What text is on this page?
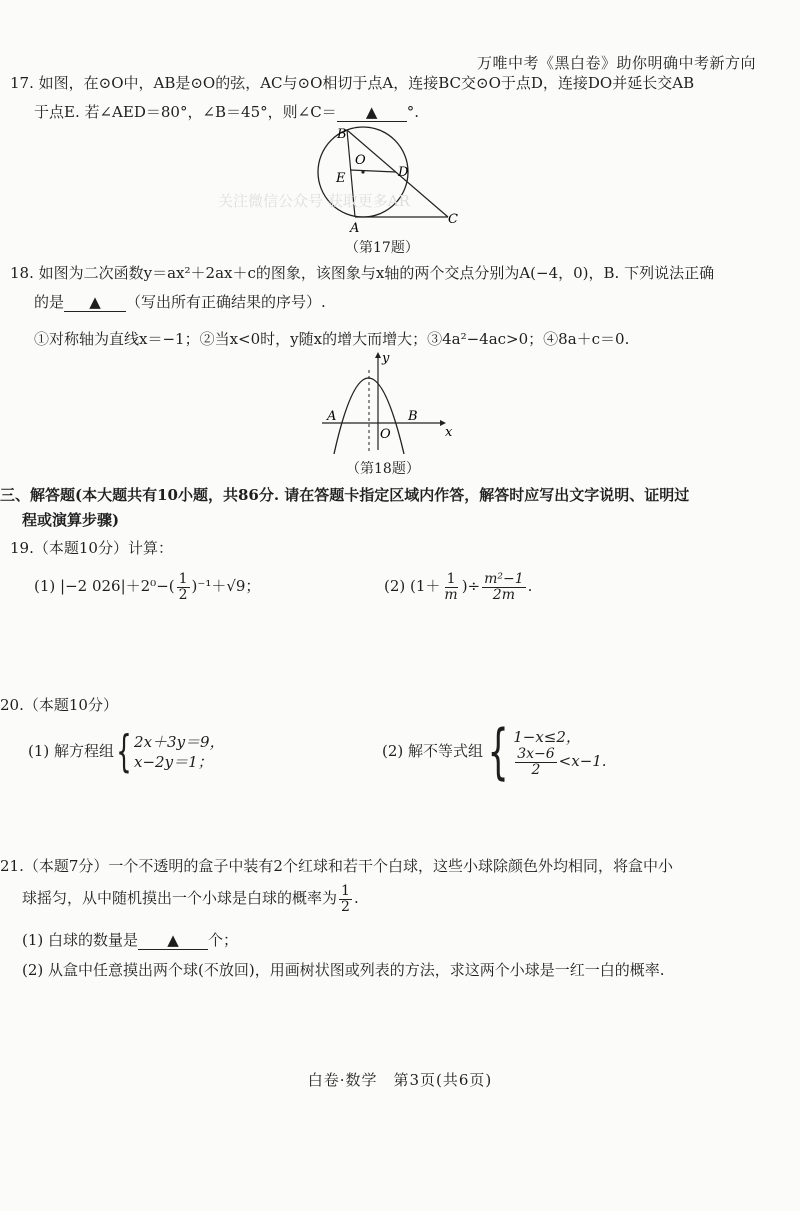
万唯中考《黑白卷》助你明确中考新方向
17. 如图，在⊙O中，AB是⊙O的弦，AC与⊙O相切于点A，连接BC交⊙O于点D，连接DO并延长交AB
于点E. 若∠AED＝80°，∠B＝45°，则∠C＝ ▲ °.
B
O
E	D
A
C
关注微信公众号 获取更多AR
（第17题）
18. 如图为二次函数y＝ax²＋2ax＋c的图象，该图象与x轴的两个交点分别为A(−4，0)，B. 下列说法正确
的是 ▲ （写出所有正确结果的序号）.
①对称轴为直线x＝−1；②当x<0时，y随x的增大而增大；③4a²−4ac>0；④8a＋c＝0.
x
y
A	B
O
（第18题）
三、解答题(本大题共有10小题，共86分. 请在答题卡指定区域内作答，解答时应写出文字说明、证明过
程或演算步骤)
19.（本题10分）计算：
(1) |−2 $026|+2^0-( \frac{1}{2} )^{-1}+√9$；	(2) ($1+ \frac{1}{m}$ )÷ $\frac{\text{m²−1}}{2m}$ .
20.（本题10分）
(1) 解方程组{ 2x＋3y＝9，
x−2y＝1；
(2) 解不等式组{ 1−x≤2，
$\frac{3x-6}{2} <x-1$.
21.（本题7分）一个不透明的盒子中装有2个红球和若干个白球，这些小球除颜色外均相同，将盒中小
球摇匀，从中随机摸出一个小球是白球的概率为 $\frac{1}{2}$ .
(1) 白球的数量是 ▲ 个；
(2) 从盒中任意摸出两个球(不放回)，用画树状图或列表的方法，求这两个小球是一红一白的概率.
白卷·数学　第3页(共6页)
